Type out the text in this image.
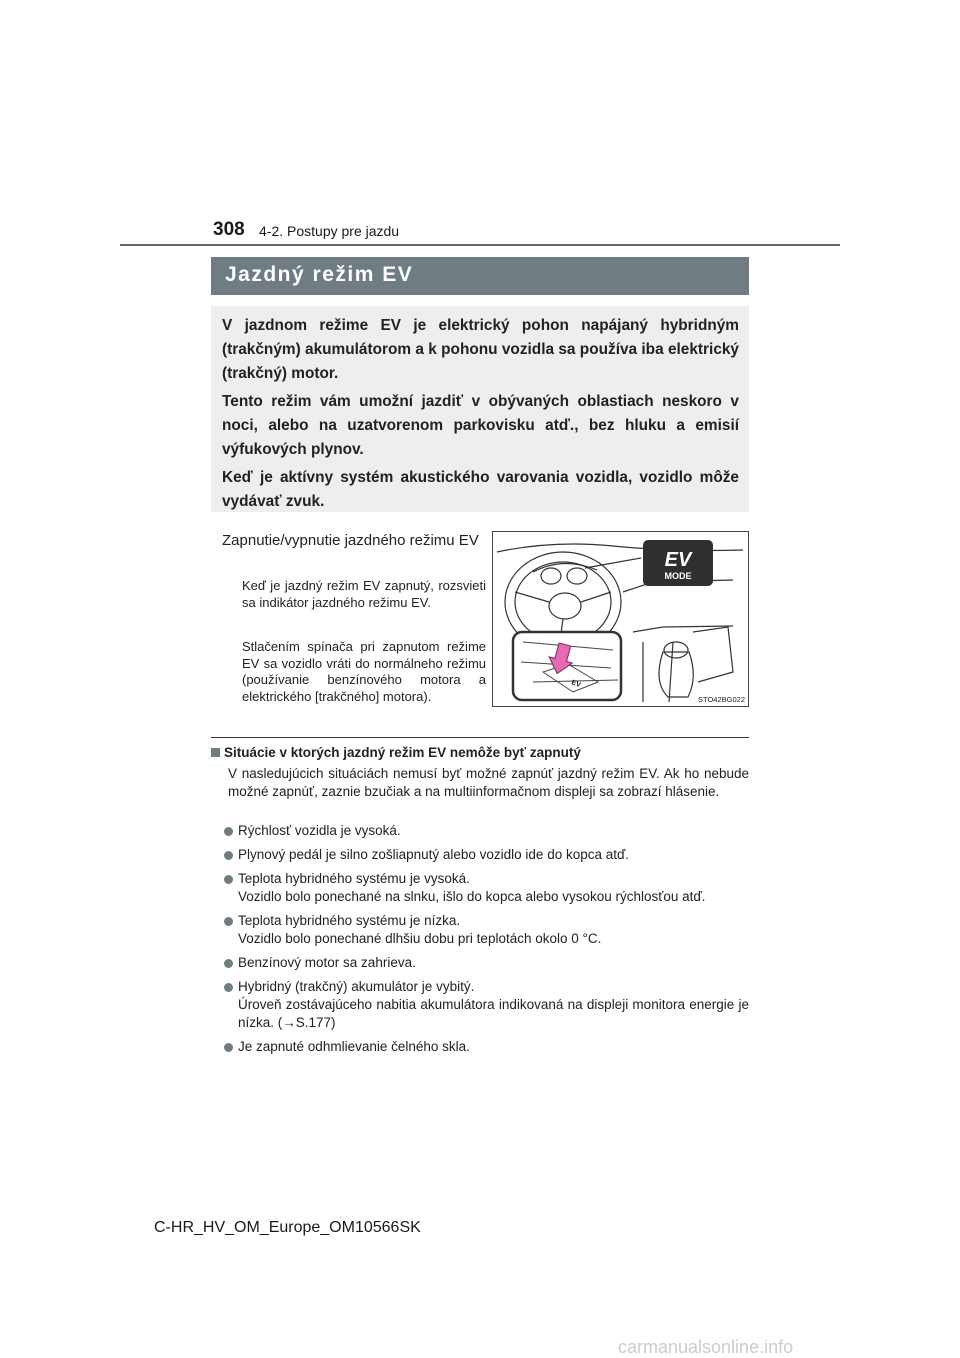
308 4-2. Postupy pre jazdu
Jazdný režim EV

V jazdnom režime EV je elektrický pohon napájaný hybridným (trakčným) akumulátorom a k pohonu vozidla sa používa iba elektrický (trakčný) motor.

Tento režim vám umožní jazdiť v obývaných oblastiach neskoro v noci, alebo na uzatvorenom parkovisku atď., bez hluku a emisií výfukových plynov.

Keď je aktívny systém akustického varovania vozidla, vozidlo môže vydávať zvuk.

Zapnutie/vypnutie jazdného režimu EV

Keď je jazdný režim EV zapnutý, rozsvieti sa indikátor jazdného režimu EV.

Stlačením spínača pri zapnutom režime EV sa vozidlo vráti do normálneho režimu (používanie benzínového motora a elektrického [trakčného] motora).

EV
MODE
EV
STO42BG022
Situácie v ktorých jazdný režim EV nemôže byť zapnutý

V nasledujúcich situáciách nemusí byť možné zapnúť jazdný režim EV. Ak ho nebude možné zapnúť, zaznie bzučiak a na multiinformačnom displeji sa zobrazí hlásenie.

Rýchlosť vozidla je vysoká.
Plynový pedál je silno zošliapnutý alebo vozidlo ide do kopca atď.
Teplota hybridného systému je vysoká.
Vozidlo bolo ponechané na slnku, išlo do kopca alebo vysokou rýchlosťou atď.
Teplota hybridného systému je nízka.
Vozidlo bolo ponechané dlhšiu dobu pri teplotách okolo 0 °C.
Benzínový motor sa zahrieva.
Hybridný (trakčný) akumulátor je vybitý.
Úroveň zostávajúceho nabitia akumulátora indikovaná na displeji monitora energie je nízka. (→S.177)
Je zapnuté odhmlievanie čelného skla.
C-HR_HV_OM_Europe_OM10566SK
carmanualsonline.info
